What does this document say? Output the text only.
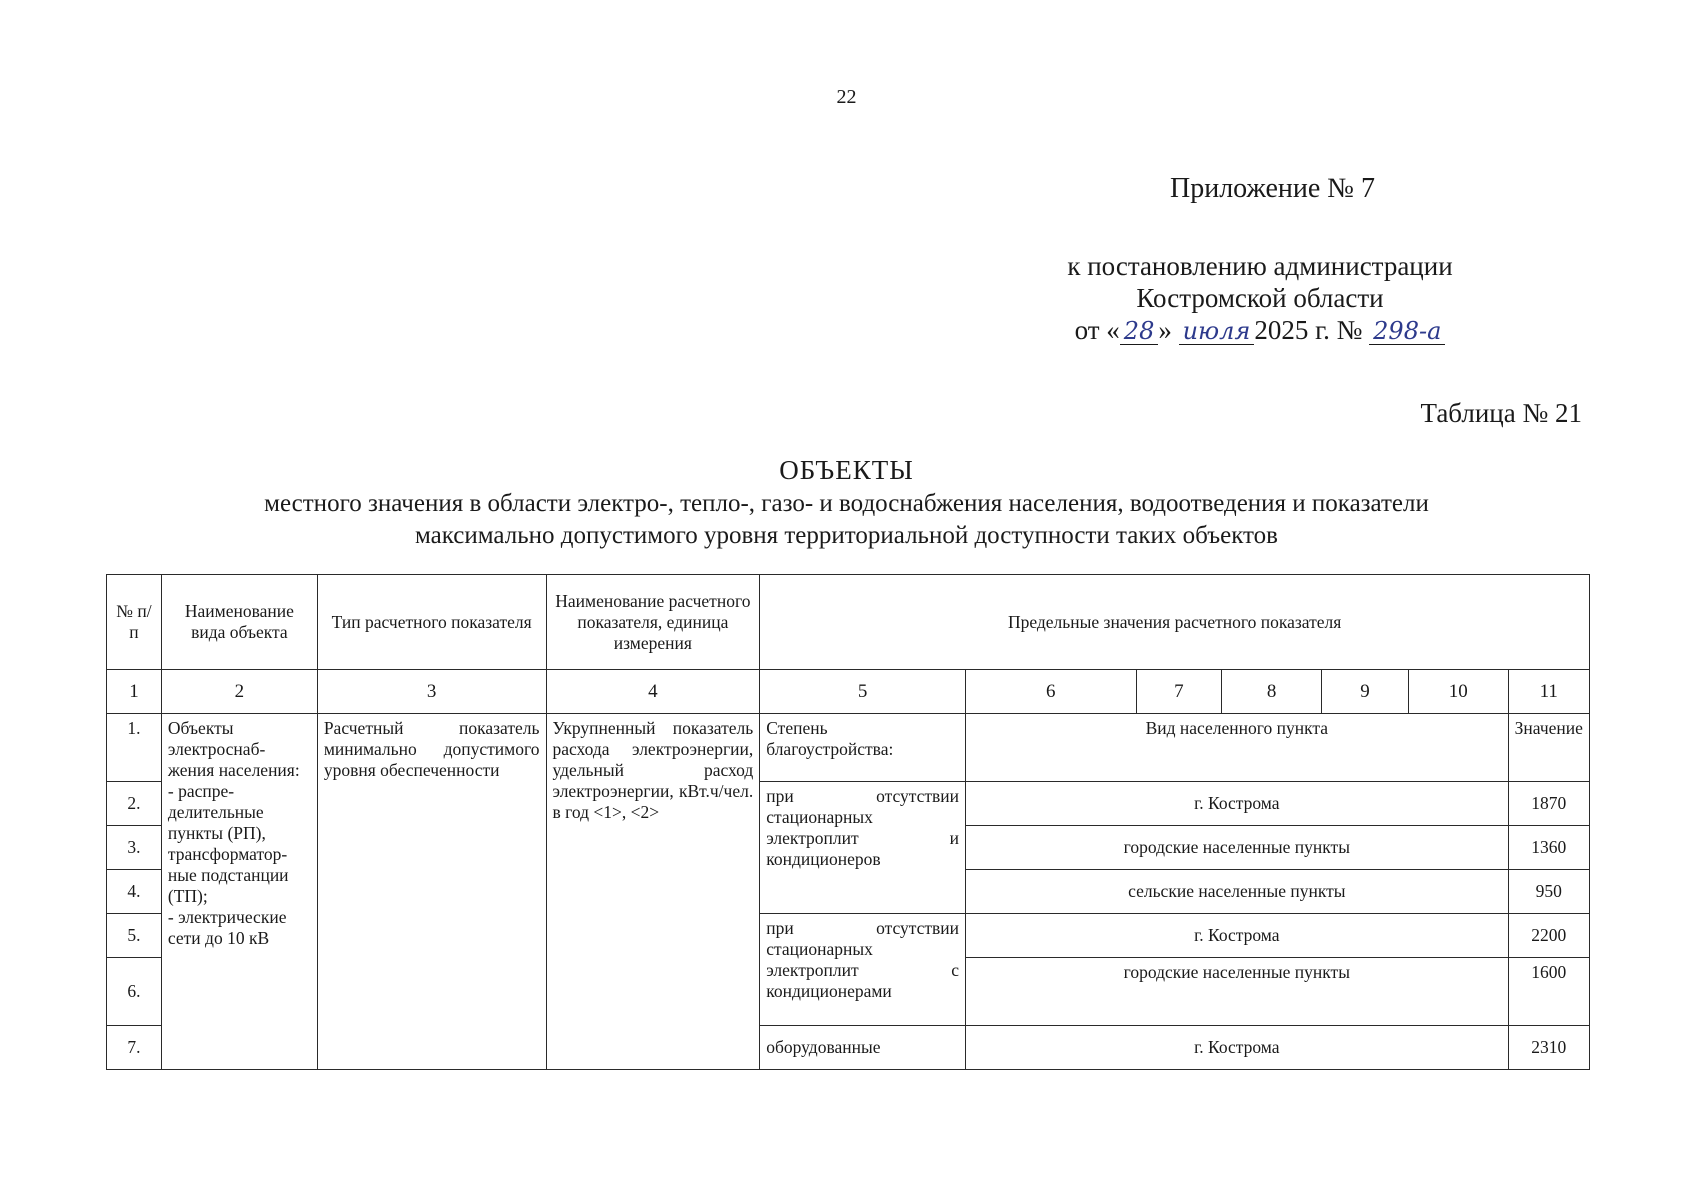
22
Приложение № 7
к постановлению администрации
Костромской области
от « 28 » июля 2025 г. № 298-а
Таблица № 21
ОБЪЕКТЫ
местного значения в области электро-, тепло-, газо- и водоснабжения населения, водоотведения и показатели
максимально допустимого уровня территориальной доступности таких объектов
№ п/п	Наименование вида объекта	Тип расчетного показателя	Наименование расчетного показателя, единица измерения	Предельные значения расчетного показателя						
1	2	3	4	5	6	7	8	9	10	11
1.	Объекты электроснаб-жения населения:
- распре-делительные пункты (РП), трансформатор-ные подстанции (ТП);
- электрические сети до 10 кВ	Расчетный показатель минимально допустимого уровня обеспеченности	Укрупненный показатель расхода электроэнергии, удельный расход электроэнергии, кВт.ч/чел. в год <1>, <2>	Степень благоустройства:	Вид населенного пункта					Значение
2.				при отсутствии стационарных электроплит и кондиционеров	г. Кострома					1870
3.					городские населенные пункты					1360
4.					сельские населенные пункты					950
5.				при отсутствии стационарных электроплит с кондиционерами	г. Кострома					2200
6.					городские населенные пункты					1600
7.				оборудованные	г. Кострома					2310
